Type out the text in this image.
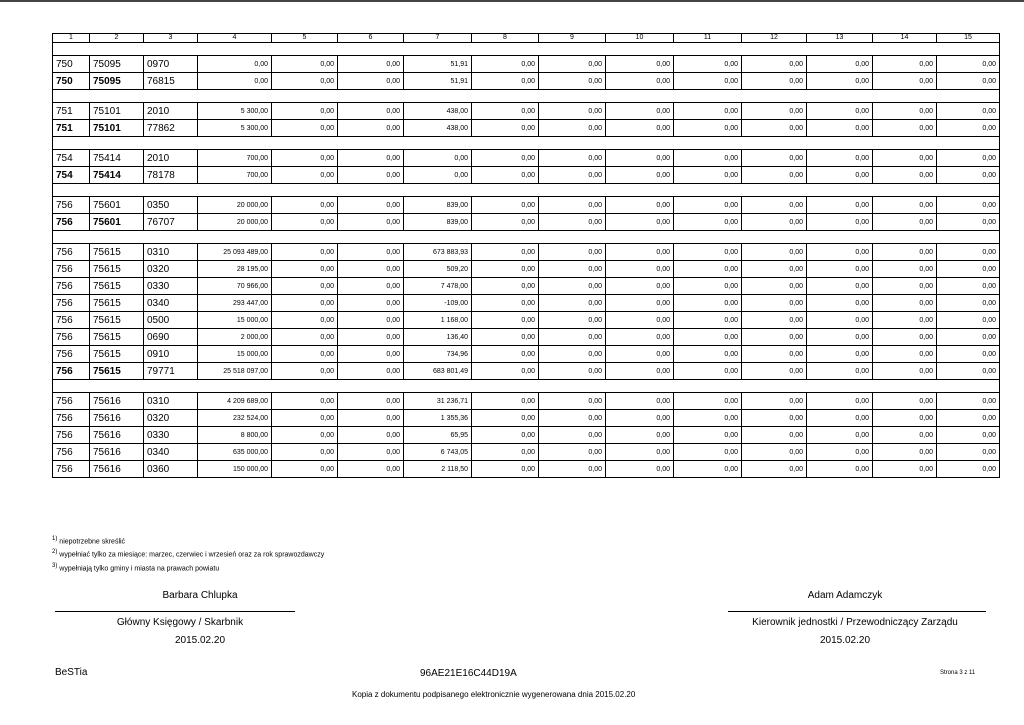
1	2	3	4	5	6	7	8	9	10	11	12	13	14	15

750	75095	0970	0,00	0,00	0,00	51,91	0,00	0,00	0,00	0,00	0,00	0,00	0,00	0,00
750	75095	76815	0,00	0,00	0,00	51,91	0,00	0,00	0,00	0,00	0,00	0,00	0,00	0,00

751	75101	2010	5 300,00	0,00	0,00	438,00	0,00	0,00	0,00	0,00	0,00	0,00	0,00	0,00
751	75101	77862	5 300,00	0,00	0,00	438,00	0,00	0,00	0,00	0,00	0,00	0,00	0,00	0,00

754	75414	2010	700,00	0,00	0,00	0,00	0,00	0,00	0,00	0,00	0,00	0,00	0,00	0,00
754	75414	78178	700,00	0,00	0,00	0,00	0,00	0,00	0,00	0,00	0,00	0,00	0,00	0,00

756	75601	0350	20 000,00	0,00	0,00	839,00	0,00	0,00	0,00	0,00	0,00	0,00	0,00	0,00
756	75601	76707	20 000,00	0,00	0,00	839,00	0,00	0,00	0,00	0,00	0,00	0,00	0,00	0,00

756	75615	0310	25 093 489,00	0,00	0,00	673 883,93	0,00	0,00	0,00	0,00	0,00	0,00	0,00	0,00
756	75615	0320	28 195,00	0,00	0,00	509,20	0,00	0,00	0,00	0,00	0,00	0,00	0,00	0,00
756	75615	0330	70 966,00	0,00	0,00	7 478,00	0,00	0,00	0,00	0,00	0,00	0,00	0,00	0,00
756	75615	0340	293 447,00	0,00	0,00	-109,00	0,00	0,00	0,00	0,00	0,00	0,00	0,00	0,00
756	75615	0500	15 000,00	0,00	0,00	1 168,00	0,00	0,00	0,00	0,00	0,00	0,00	0,00	0,00
756	75615	0690	2 000,00	0,00	0,00	136,40	0,00	0,00	0,00	0,00	0,00	0,00	0,00	0,00
756	75615	0910	15 000,00	0,00	0,00	734,96	0,00	0,00	0,00	0,00	0,00	0,00	0,00	0,00
756	75615	79771	25 518 097,00	0,00	0,00	683 801,49	0,00	0,00	0,00	0,00	0,00	0,00	0,00	0,00

756	75616	0310	4 209 689,00	0,00	0,00	31 236,71	0,00	0,00	0,00	0,00	0,00	0,00	0,00	0,00
756	75616	0320	232 524,00	0,00	0,00	1 355,36	0,00	0,00	0,00	0,00	0,00	0,00	0,00	0,00
756	75616	0330	8 800,00	0,00	0,00	65,95	0,00	0,00	0,00	0,00	0,00	0,00	0,00	0,00
756	75616	0340	635 000,00	0,00	0,00	6 743,05	0,00	0,00	0,00	0,00	0,00	0,00	0,00	0,00
756	75616	0360	150 000,00	0,00	0,00	2 118,50	0,00	0,00	0,00	0,00	0,00	0,00	0,00	0,00
$^{1)}$ niepotrzebne skreślić
$^{2)}$ wypełniać tylko za miesiące: marzec, czerwiec i wrzesień oraz za rok sprawozdawczy
$^{3)}$ wypełniają tylko gminy i miasta na prawach powiatu
Barbara Chlupka
Główny Księgowy / Skarbnik
2015.02.20
Adam Adamczyk
Kierownik jednostki / Przewodniczący Zarządu
2015.02.20
BeSTia	96AE21E16C44D19A	Strona 3 z 11
Kopia z dokumentu podpisanego elektronicznie wygenerowana dnia 2015.02.20
